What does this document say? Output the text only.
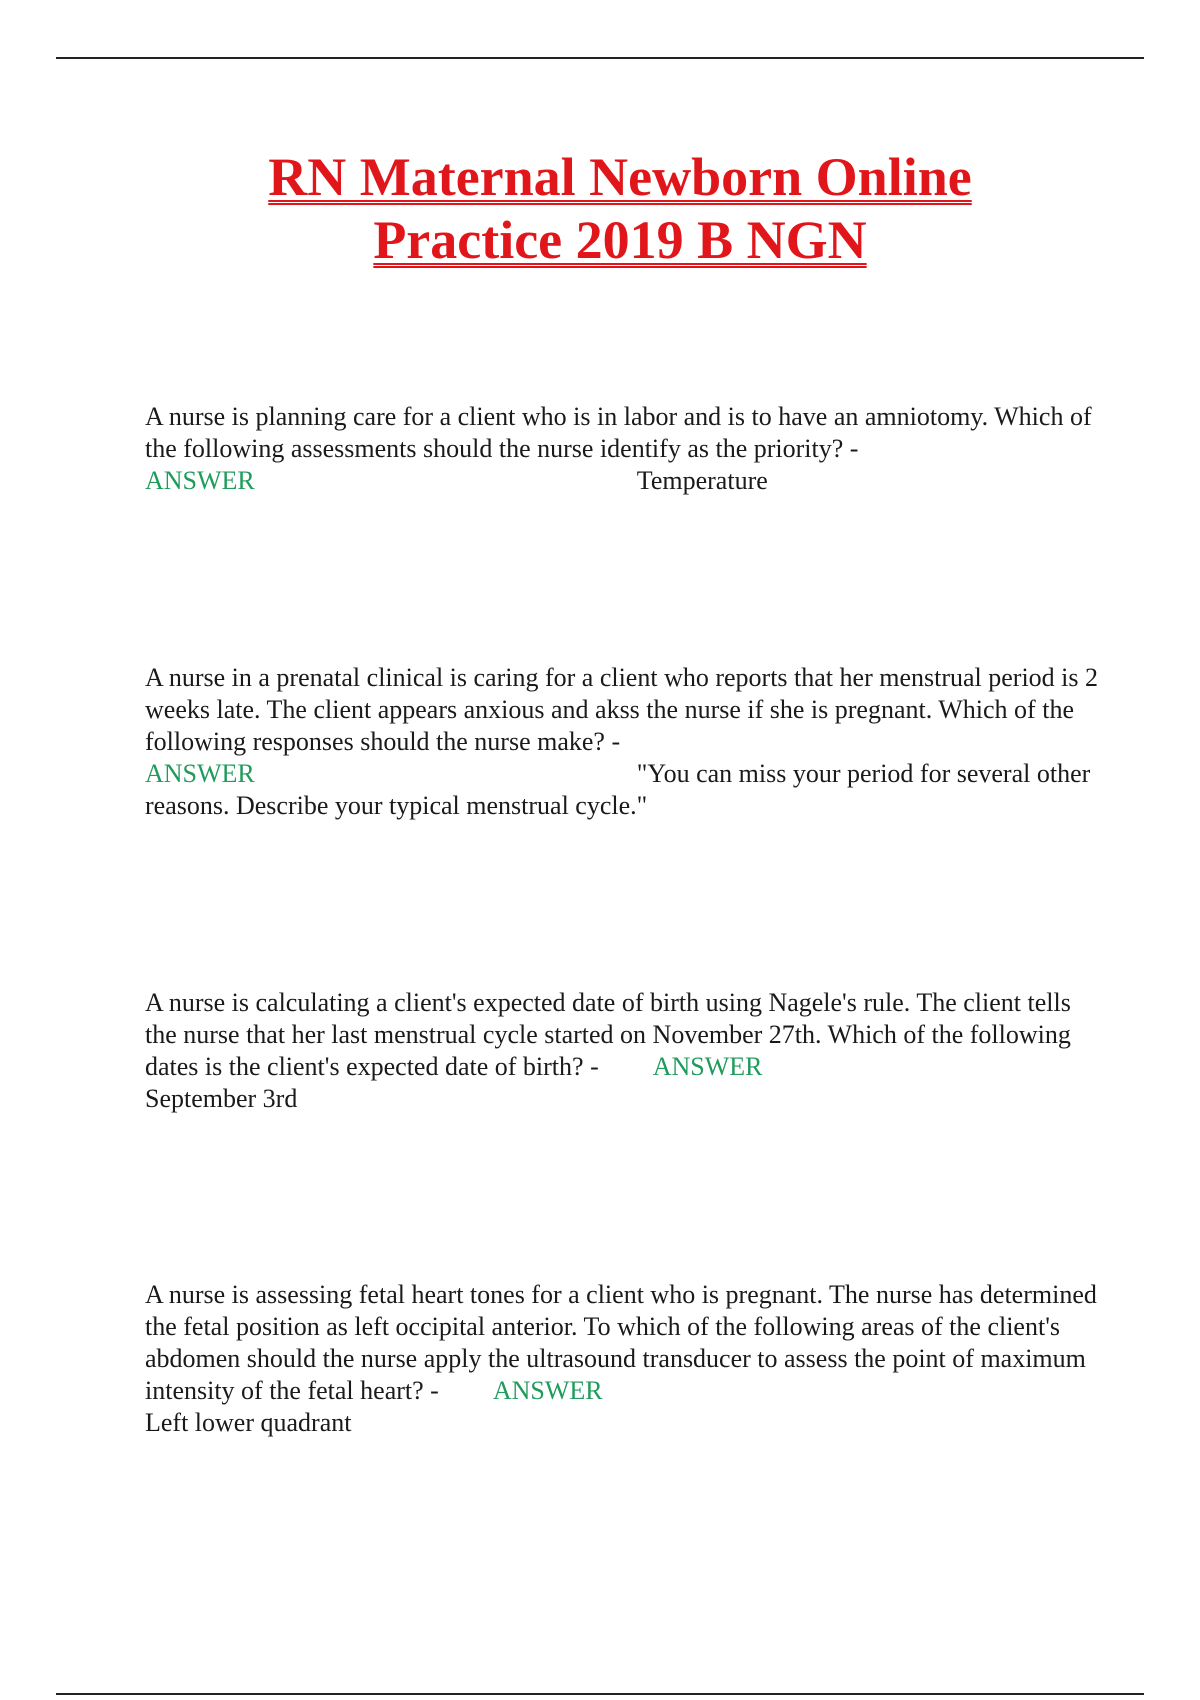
RN Maternal Newborn Online
Practice 2019 B NGN

A nurse is planning care for a client who is in labor and is to have an amniotomy. Which of the following assessments should the nurse identify as the priority? -
ANSWER	Temperature

A nurse in a prenatal clinical is caring for a client who reports that her menstrual period is 2 weeks late. The client appears anxious and akss the nurse if she is pregnant. Which of the following responses should the nurse make? -
ANSWER	"You can miss your period for several other reasons. Describe your typical menstrual cycle."

A nurse is calculating a client's expected date of birth using Nagele's rule. The client tells the nurse that her last menstrual cycle started on November 27th. Which of the following dates is the client's expected date of birth? - ANSWER
September 3rd

A nurse is assessing fetal heart tones for a client who is pregnant. The nurse has determined the fetal position as left occipital anterior. To which of the following areas of the client's abdomen should the nurse apply the ultrasound transducer to assess the point of maximum intensity of the fetal heart? - ANSWER
Left lower quadrant
